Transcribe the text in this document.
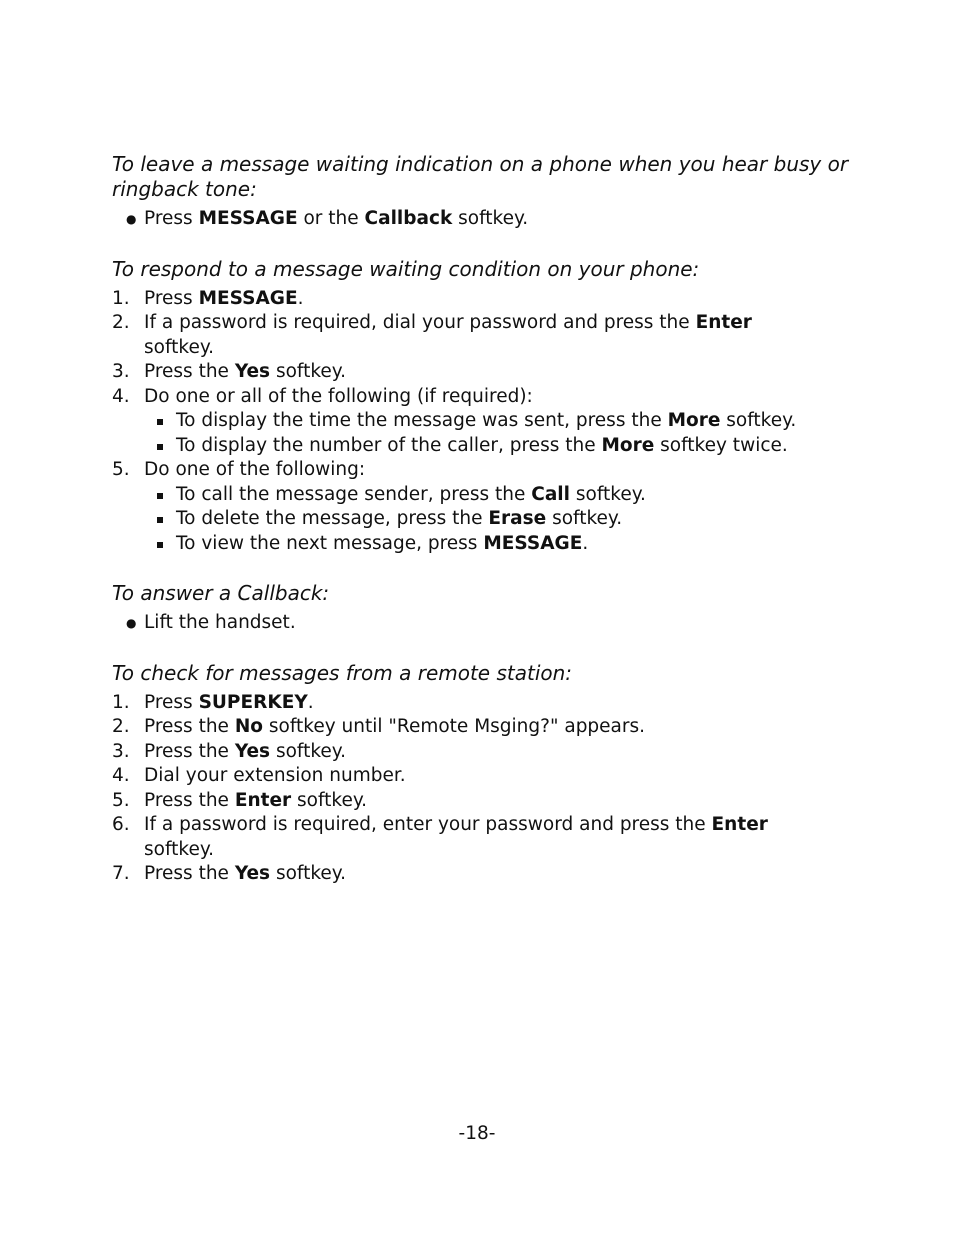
To leave a message waiting indication on a phone when you hear busy or ringback tone:
● Press MESSAGE or the Callback softkey.
To respond to a message waiting condition on your phone:
1. Press MESSAGE.
2. If a password is required, dial your password and press the Enter
softkey.
3. Press the Yes softkey.
4. Do one or all of the following (if required):
To display the time the message was sent, press the More softkey.
To display the number of the caller, press the More softkey twice.
5. Do one of the following:
To call the message sender, press the Call softkey.
To delete the message, press the Erase softkey.
To view the next message, press MESSAGE.
To answer a Callback:
● Lift the handset.
To check for messages from a remote station:
1. Press SUPERKEY.
2. Press the No softkey until "Remote Msging?" appears.
3. Press the Yes softkey.
4. Dial your extension number.
5. Press the Enter softkey.
6. If a password is required, enter your password and press the Enter
softkey.
7. Press the Yes softkey.
-18-
